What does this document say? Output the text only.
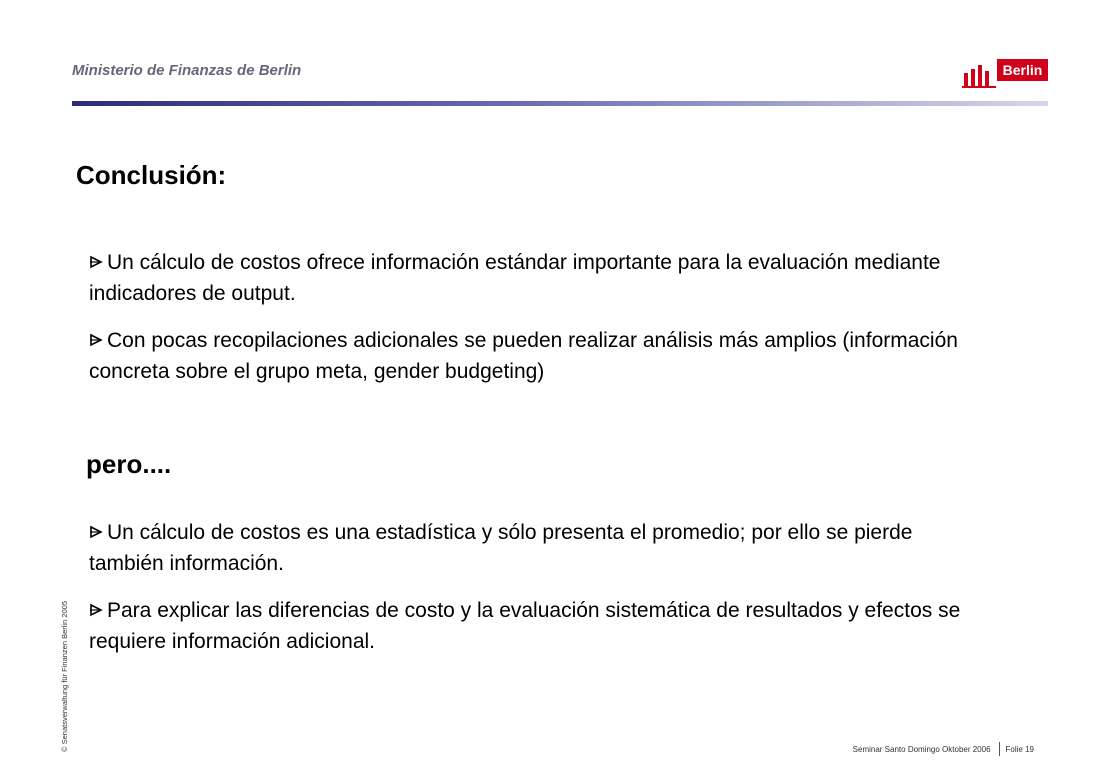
Ministerio de Finanzas de Berlin	Berlin
Conclusión:
Un cálculo de costos ofrece información estándar importante para la evaluación mediante indicadores de output.
Con pocas recopilaciones adicionales se pueden realizar análisis más amplios (información concreta sobre el grupo meta, gender budgeting)
pero....
Un cálculo de costos es una estadística y sólo presenta el promedio; por ello se pierde también información.
Para explicar las diferencias de costo y la evaluación sistemática de resultados y efectos se requiere información adicional.
© Senatsverwaltung für Finanzen Berlin 2005	Seminar Santo Domingo Oktober 2006 Folie 19
